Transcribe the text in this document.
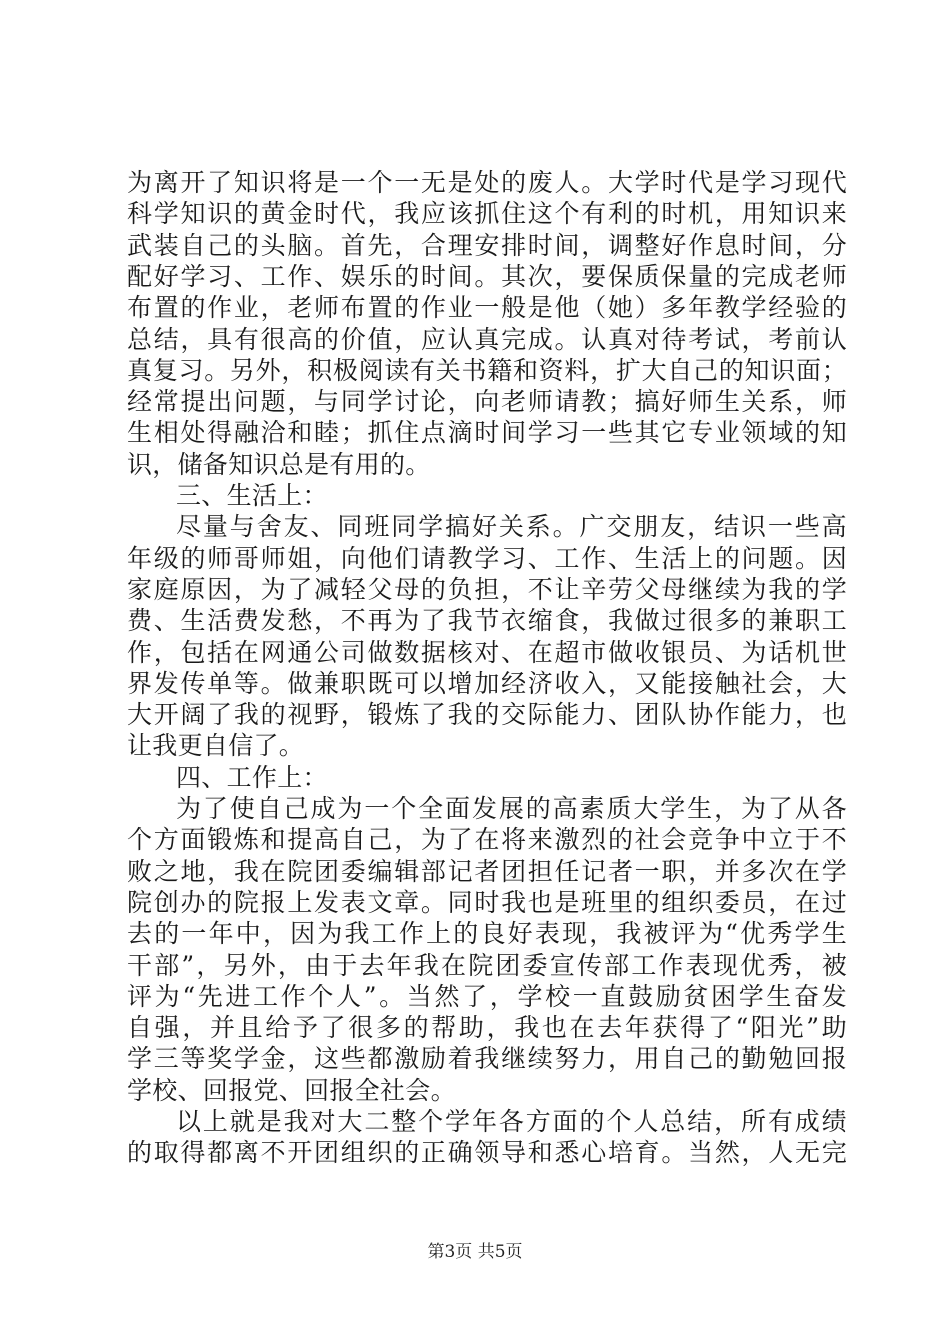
为离开了知识将是一个一无是处的废人。大学时代是学习现代
科学知识的黄金时代，我应该抓住这个有利的时机，用知识来
武装自己的头脑。首先，合理安排时间，调整好作息时间，分
配好学习、工作、娱乐的时间。其次，要保质保量的完成老师
布置的作业，老师布置的作业一般是他（她）多年教学经验的
总结，具有很高的价值，应认真完成。认真对待考试，考前认
真复习。另外，积极阅读有关书籍和资料，扩大自己的知识面；
经常提出问题，与同学讨论，向老师请教；搞好师生关系，师
生相处得融洽和睦；抓住点滴时间学习一些其它专业领域的知
识，储备知识总是有用的。
三、生活上：
尽量与舍友、同班同学搞好关系。广交朋友，结识一些高
年级的师哥师姐，向他们请教学习、工作、生活上的问题。因
家庭原因，为了减轻父母的负担，不让辛劳父母继续为我的学
费、生活费发愁，不再为了我节衣缩食，我做过很多的兼职工
作，包括在网通公司做数据核对、在超市做收银员、为话机世
界发传单等。做兼职既可以增加经济收入，又能接触社会，大
大开阔了我的视野，锻炼了我的交际能力、团队协作能力，也
让我更自信了。
四、工作上：
为了使自己成为一个全面发展的高素质大学生，为了从各
个方面锻炼和提高自己，为了在将来激烈的社会竞争中立于不
败之地，我在院团委编辑部记者团担任记者一职，并多次在学
院创办的院报上发表文章。同时我也是班里的组织委员，在过
去的一年中，因为我工作上的良好表现，我被评为“优秀学生
干部”，另外，由于去年我在院团委宣传部工作表现优秀，被
评为“先进工作个人”。当然了，学校一直鼓励贫困学生奋发
自强，并且给予了很多的帮助，我也在去年获得了“阳光”助
学三等奖学金，这些都激励着我继续努力，用自己的勤勉回报
学校、回报党、回报全社会。
以上就是我对大二整个学年各方面的个人总结，所有成绩
的取得都离不开团组织的正确领导和悉心培育。当然，人无完
第3页 共5页
